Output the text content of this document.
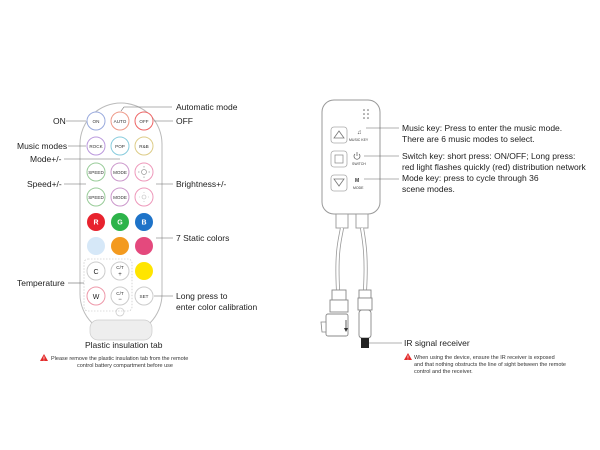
ON	AUTO	OFF
ROCK	POP	R&B
SPEED MODE
SPEED MODE
R	G	B
C
C/T
+
W
C/T
−
SET
Automatic mode
ON	OFF
Music modes
Mode+/-
Speed+/-	Brightness+/-
7 Static colors
Temperature
Long press to
enter color calibration
Plastic insulation tab
! Please remove the plastic insulation tab from the remote
control battery compartment before use
♫
MUSIC KEY
SWITCH
M
MODE
Music key: Press to enter the music mode.
There are 6 music modes to select.
Switch key: short press: ON/OFF; Long press:
red light flashes quickly (red) distribution network
Mode key: press to cycle through 36
scene modes.
IR signal receiver
! When using the device, ensure the IR receiver is exposed
and that nothing obstructs the line of sight between the remote
control and the receiver.
